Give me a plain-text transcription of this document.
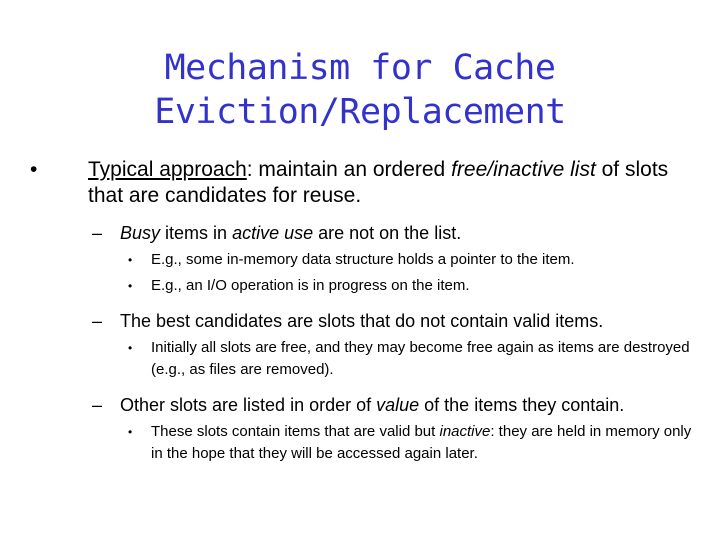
Mechanism for Cache
Eviction/Replacement
• Typical approach: maintain an ordered free/inactive list of slots that are candidates for reuse.
– Busy items in active use are not on the list.
• E.g., some in-memory data structure holds a pointer to the item.
• E.g., an I/O operation is in progress on the item.
– The best candidates are slots that do not contain valid items.
• Initially all slots are free, and they may become free again as items are destroyed (e.g., as files are removed).
– Other slots are listed in order of value of the items they contain.
• These slots contain items that are valid but inactive: they are held in memory only in the hope that they will be accessed again later.
